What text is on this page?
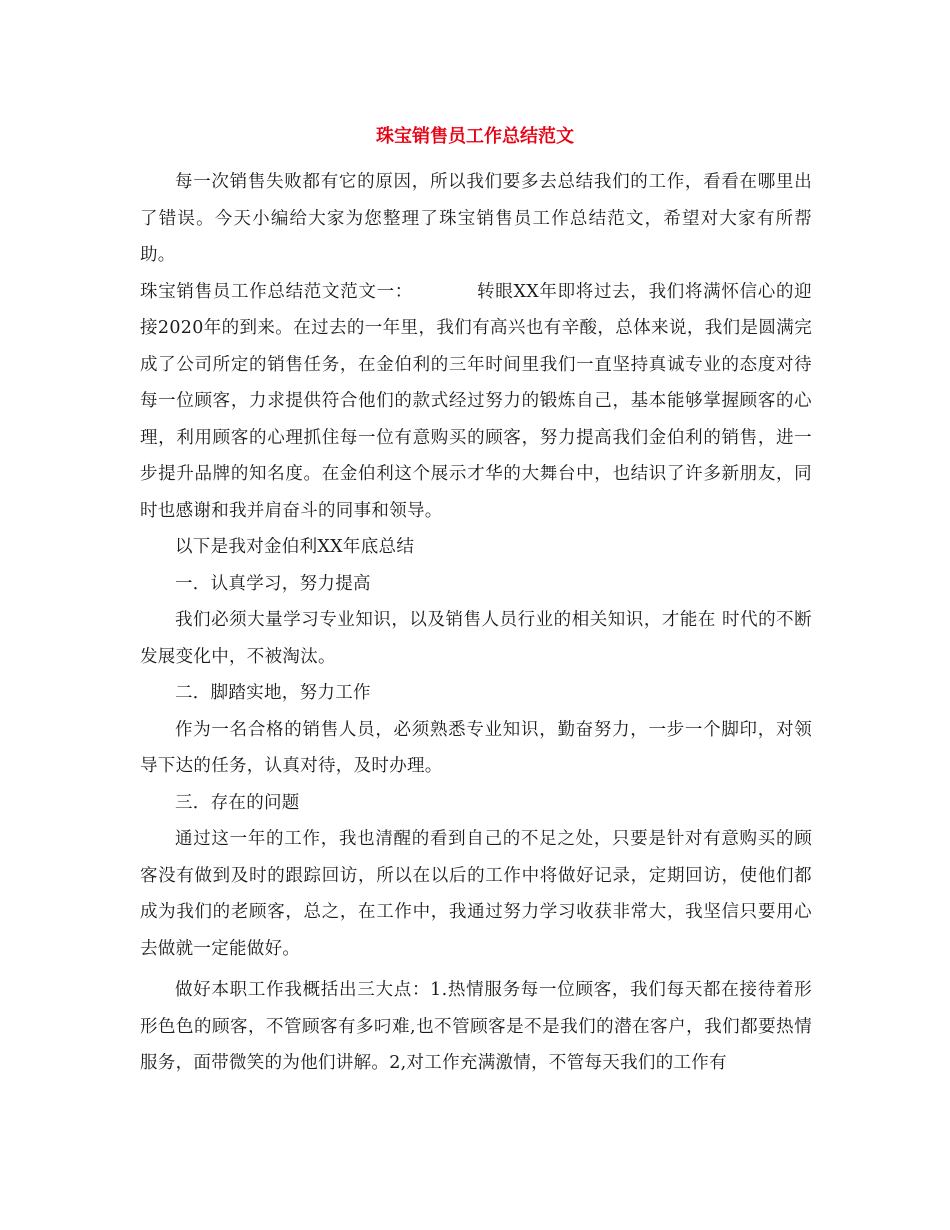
珠宝销售员工作总结范文

每一次销售失败都有它的原因，所以我们要多去总结我们的工作，看看在哪里出了错误。今天小编给大家为您整理了珠宝销售员工作总结范文，希望对大家有所帮助。

珠宝销售员工作总结范文范文一：　　　　转眼XX年即将过去，我们将满怀信心的迎接2020年的到来。在过去的一年里，我们有高兴也有辛酸，总体来说，我们是圆满完成了公司所定的销售任务，在金伯利的三年时间里我们一直坚持真诚专业的态度对待每一位顾客，力求提供符合他们的款式经过努力的锻炼自己，基本能够掌握顾客的心理，利用顾客的心理抓住每一位有意购买的顾客，努力提高我们金伯利的销售，进一步提升品牌的知名度。在金伯利这个展示才华的大舞台中，也结识了许多新朋友，同时也感谢和我并肩奋斗的同事和领导。

以下是我对金伯利XX年底总结

一．认真学习，努力提高

我们必须大量学习专业知识，以及销售人员行业的相关知识，才能在 时代的不断发展变化中，不被淘汰。

二．脚踏实地，努力工作

作为一名合格的销售人员，必须熟悉专业知识，勤奋努力，一步一个脚印，对领导下达的任务，认真对待，及时办理。

三．存在的问题

通过这一年的工作，我也清醒的看到自己的不足之处，只要是针对有意购买的顾客没有做到及时的跟踪回访，所以在以后的工作中将做好记录，定期回访，使他们都成为我们的老顾客，总之，在工作中，我通过努力学习收获非常大，我坚信只要用心去做就一定能做好。

做好本职工作我概括出三大点：1.热情服务每一位顾客，我们每天都在接待着形形色色的顾客，不管顾客有多叼难,也不管顾客是不是我们的潜在客户，我们都要热情服务，面带微笑的为他们讲解。2,对工作充满激情，不管每天我们的工作有
